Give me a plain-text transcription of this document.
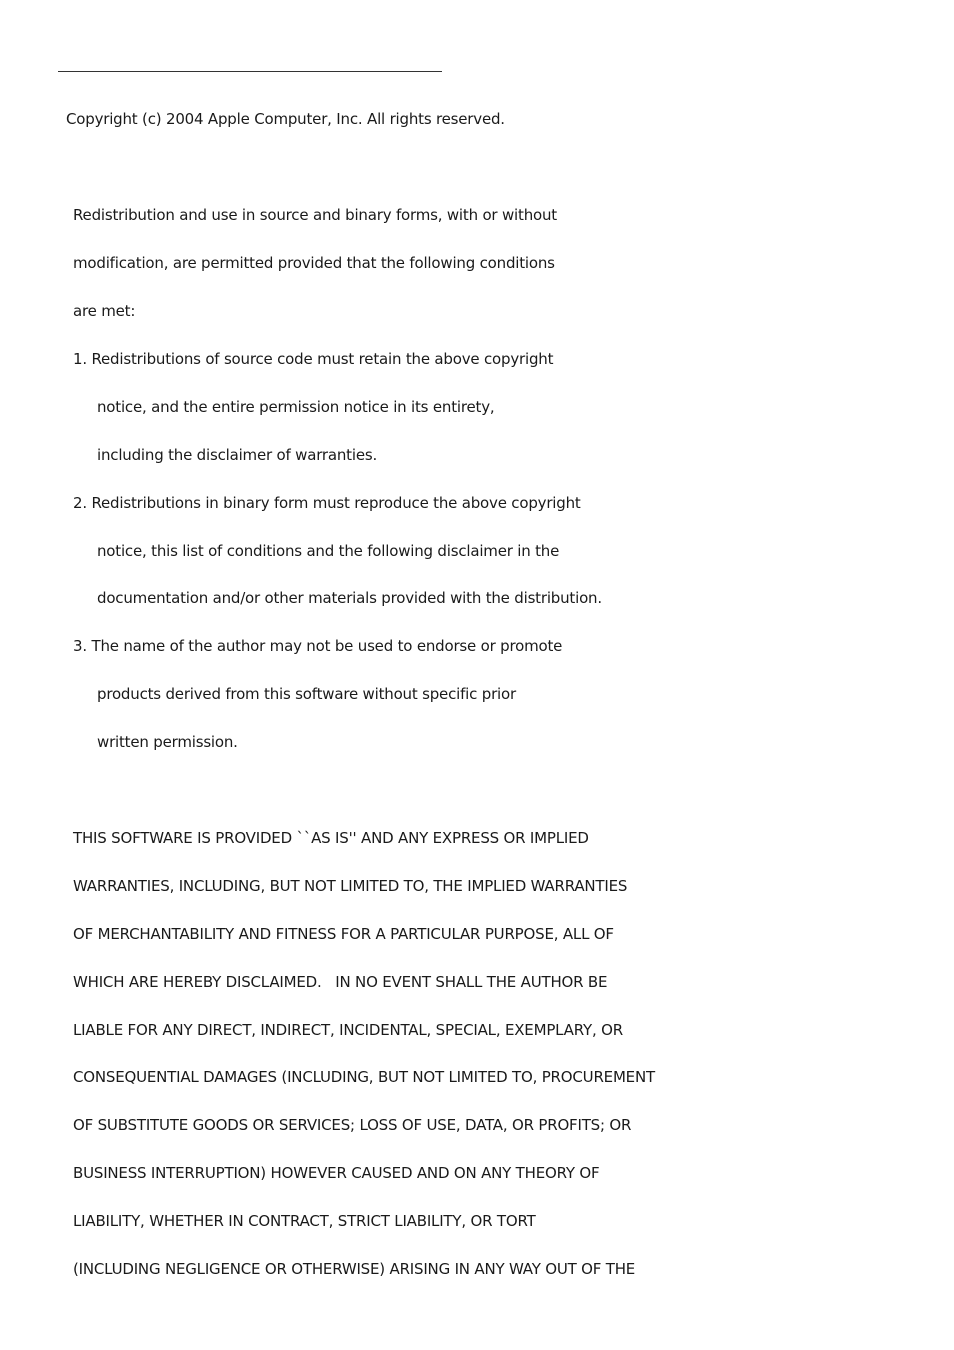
Copyright (c) 2004 Apple Computer, Inc. All rights reserved.
Redistribution and use in source and binary forms, with or without
modification, are permitted provided that the following conditions
are met:
1. Redistributions of source code must retain the above copyright
notice, and the entire permission notice in its entirety,
including the disclaimer of warranties.
2. Redistributions in binary form must reproduce the above copyright
notice, this list of conditions and the following disclaimer in the
documentation and/or other materials provided with the distribution.
3. The name of the author may not be used to endorse or promote
products derived from this software without specific prior
written permission.
THIS SOFTWARE IS PROVIDED ``AS IS'' AND ANY EXPRESS OR IMPLIED
WARRANTIES, INCLUDING, BUT NOT LIMITED TO, THE IMPLIED WARRANTIES
OF MERCHANTABILITY AND FITNESS FOR A PARTICULAR PURPOSE, ALL OF
WHICH ARE HEREBY DISCLAIMED.   IN NO EVENT SHALL THE AUTHOR BE
LIABLE FOR ANY DIRECT, INDIRECT, INCIDENTAL, SPECIAL, EXEMPLARY, OR
CONSEQUENTIAL DAMAGES (INCLUDING, BUT NOT LIMITED TO, PROCUREMENT
OF SUBSTITUTE GOODS OR SERVICES; LOSS OF USE, DATA, OR PROFITS; OR
BUSINESS INTERRUPTION) HOWEVER CAUSED AND ON ANY THEORY OF
LIABILITY, WHETHER IN CONTRACT, STRICT LIABILITY, OR TORT
(INCLUDING NEGLIGENCE OR OTHERWISE) ARISING IN ANY WAY OUT OF THE
